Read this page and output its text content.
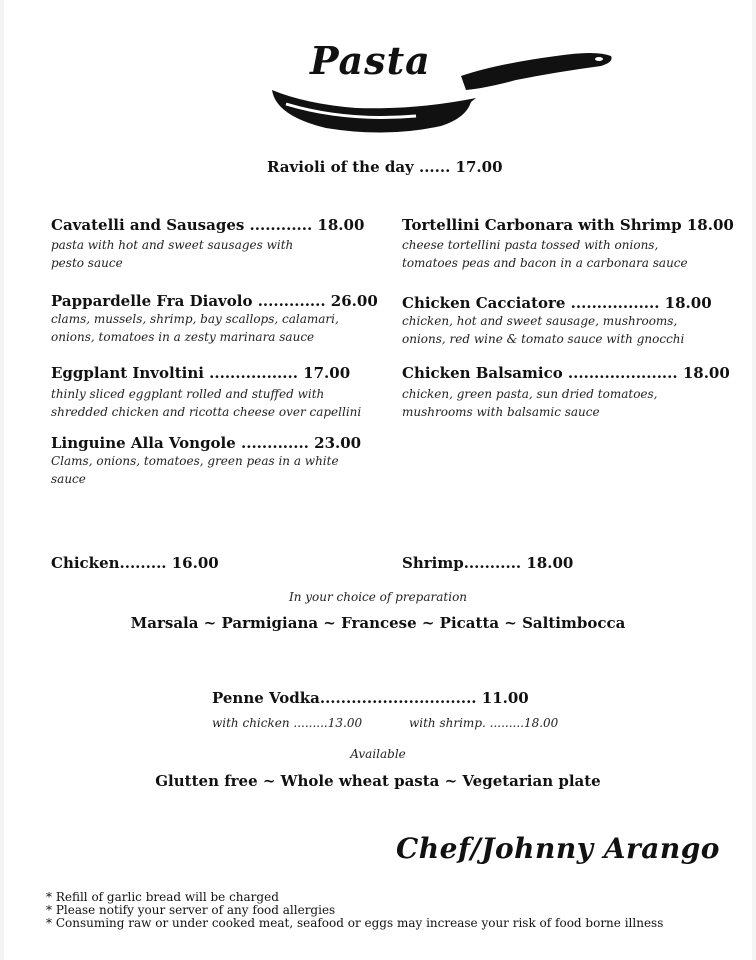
Pasta
Ravioli of the day ...... 17.00
Cavatelli and Sausages ............ 18.00
pasta with hot and sweet sausages with
pesto sauce
Pappardelle Fra Diavolo ............. 26.00
clams, mussels, shrimp, bay scallops, calamari,
onions, tomatoes in a zesty marinara sauce
Eggplant Involtini ................. 17.00
thinly sliced eggplant rolled and stuffed with
shredded chicken and ricotta cheese over capellini
Linguine Alla Vongole ............. 23.00
Clams, onions, tomatoes, green peas in a white
sauce
Tortellini Carbonara with Shrimp 18.00
cheese tortellini pasta tossed with onions,
tomatoes peas and bacon in a carbonara sauce
Chicken Cacciatore ................. 18.00
chicken, hot and sweet sausage, mushrooms,
onions, red wine & tomato sauce with gnocchi
Chicken Balsamico ..................... 18.00
chicken, green pasta, sun dried tomatoes,
mushrooms with balsamic sauce
Chicken......... 16.00	Shrimp........... 18.00
In your choice of preparation
Marsala ~ Parmigiana ~ Francese ~ Picatta ~ Saltimbocca
Penne Vodka.............................. 11.00
with chicken .........13.00	with shrimp. .........18.00
Available
Glutten free ~ Whole wheat pasta ~ Vegetarian plate
Chef/Johnny Arango
* Refill of garlic bread will be charged
* Please notify your server of any food allergies
* Consuming raw or under cooked meat, seafood or eggs may increase your risk of food borne illness
